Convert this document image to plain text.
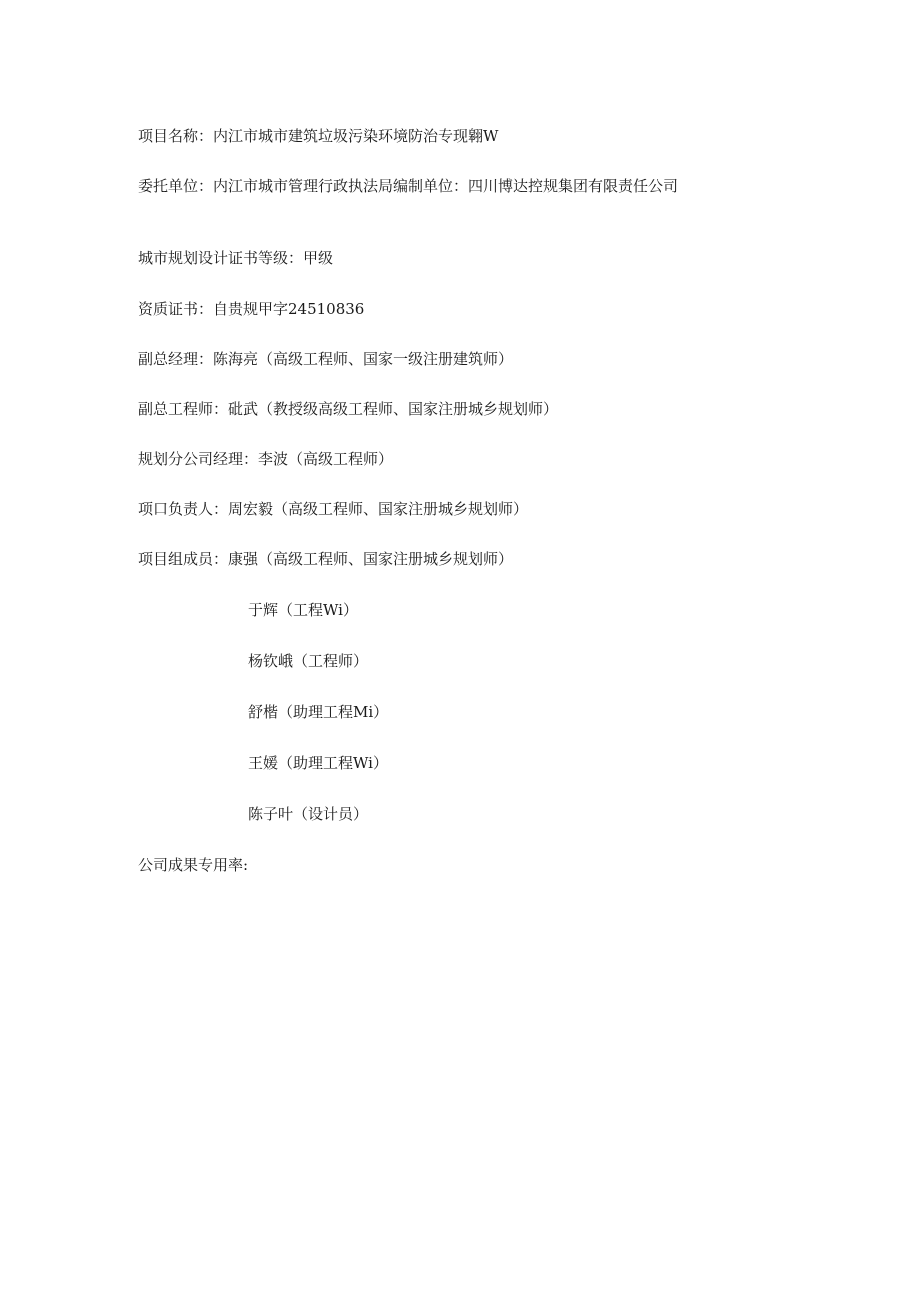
项目名称：内江市城市建筑垃圾污染环境防治专现翱W
委托单位：内江市城市管理行政执法局编制单位：四川博达控规集团有限责任公司
城市规划设计证书等级：甲级
资质证书：自贵规甲字24510836
副总经理：陈海亮（高级工程师、国家一级注册建筑师）
副总工程师：砒武（教授级高级工程师、国家注册城乡规划师）
规划分公司经理：李波（高级工程师）
项口负责人：周宏毅（高级工程师、国家注册城乡规划师）
项目组成员：康强（高级工程师、国家注册城乡规划师）
于辉（工程Wi）
杨钦峨（工程师）
舒楷（助理工程Mi）
王媛（助理工程Wi）
陈子叶（设计员）
公司成果专用率:
